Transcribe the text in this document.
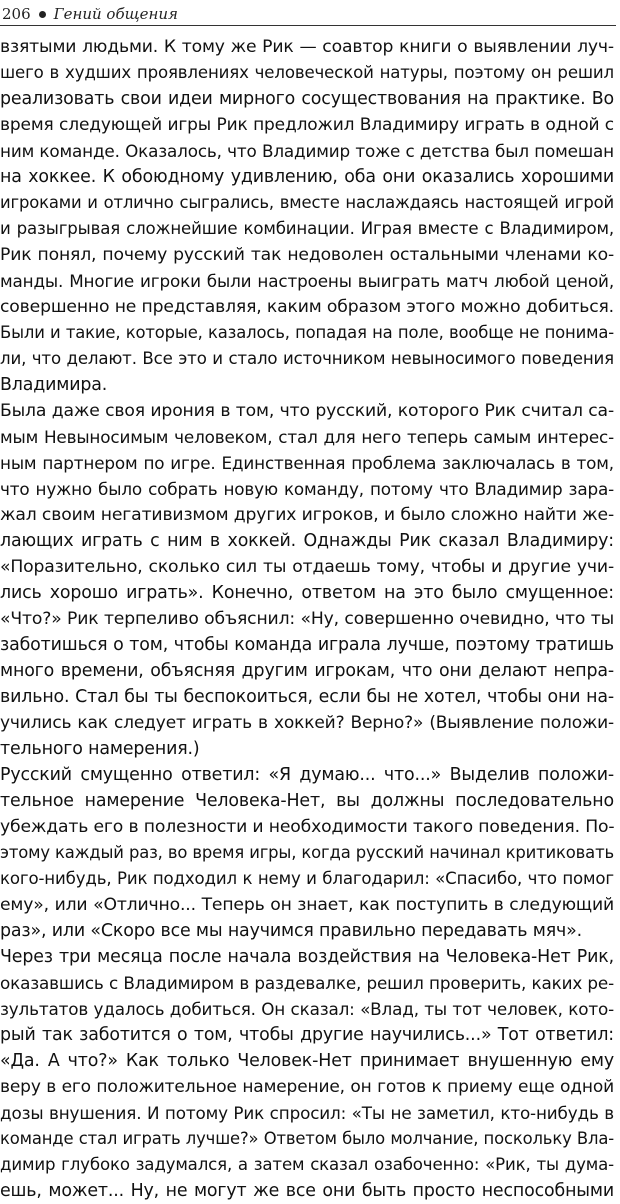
206 Гений общения
взятыми людьми. К тому же Рик — соавтор книги о выявлении луч-
шего в худших проявлениях человеческой натуры, поэтому он решил
реализовать свои идеи мирного сосуществования на практике. Во
время следующей игры Рик предложил Владимиру играть в одной с
ним команде. Оказалось, что Владимир тоже с детства был помешан
на хоккее. К обоюдному удивлению, оба они оказались хорошими
игроками и отлично сыгрались, вместе наслаждаясь настоящей игрой
и разыгрывая сложнейшие комбинации. Играя вместе с Владимиром,
Рик понял, почему русский так недоволен остальными членами ко-
манды. Многие игроки были настроены выиграть матч любой ценой,
совершенно не представляя, каким образом этого можно добиться.
Были и такие, которые, казалось, попадая на поле, вообще не понима-
ли, что делают. Все это и стало источником невыносимого поведения
Владимира.
Была даже своя ирония в том, что русский, которого Рик считал са-
мым Невыносимым человеком, стал для него теперь самым интерес-
ным партнером по игре. Единственная проблема заключалась в том,
что нужно было собрать новую команду, потому что Владимир зара-
жал своим негативизмом других игроков, и было сложно найти же-
лающих играть с ним в хоккей. Однажды Рик сказал Владимиру:
«Поразительно, сколько сил ты отдаешь тому, чтобы и другие учи-
лись хорошо играть». Конечно, ответом на это было смущенное:
«Что?» Рик терпеливо объяснил: «Ну, совершенно очевидно, что ты
заботишься о том, чтобы команда играла лучше, поэтому тратишь
много времени, объясняя другим игрокам, что они делают непра-
вильно. Стал бы ты беспокоиться, если бы не хотел, чтобы они на-
учились как следует играть в хоккей? Верно?» (Выявление положи-
тельного намерения.)
Русский смущенно ответил: «Я думаю... что...» Выделив положи-
тельное намерение Человека-Нет, вы должны последовательно
убеждать его в полезности и необходимости такого поведения. По-
этому каждый раз, во время игры, когда русский начинал критиковать
кого-нибудь, Рик подходил к нему и благодарил: «Спасибо, что помог
ему», или «Отлично... Теперь он знает, как поступить в следующий
раз», или «Скоро все мы научимся правильно передавать мяч».
Через три месяца после начала воздействия на Человека-Нет Рик,
оказавшись с Владимиром в раздевалке, решил проверить, каких ре-
зультатов удалось добиться. Он сказал: «Влад, ты тот человек, кото-
рый так заботится о том, чтобы другие научились...» Тот ответил:
«Да. А что?» Как только Человек-Нет принимает внушенную ему
веру в его положительное намерение, он готов к приему еще одной
дозы внушения. И потому Рик спросил: «Ты не заметил, кто-нибудь в
команде стал играть лучше?» Ответом было молчание, поскольку Вла-
димир глубоко задумался, а затем сказал озабоченно: «Рик, ты дума-
ешь, может... Ну, не могут же все они быть просто неспособными
